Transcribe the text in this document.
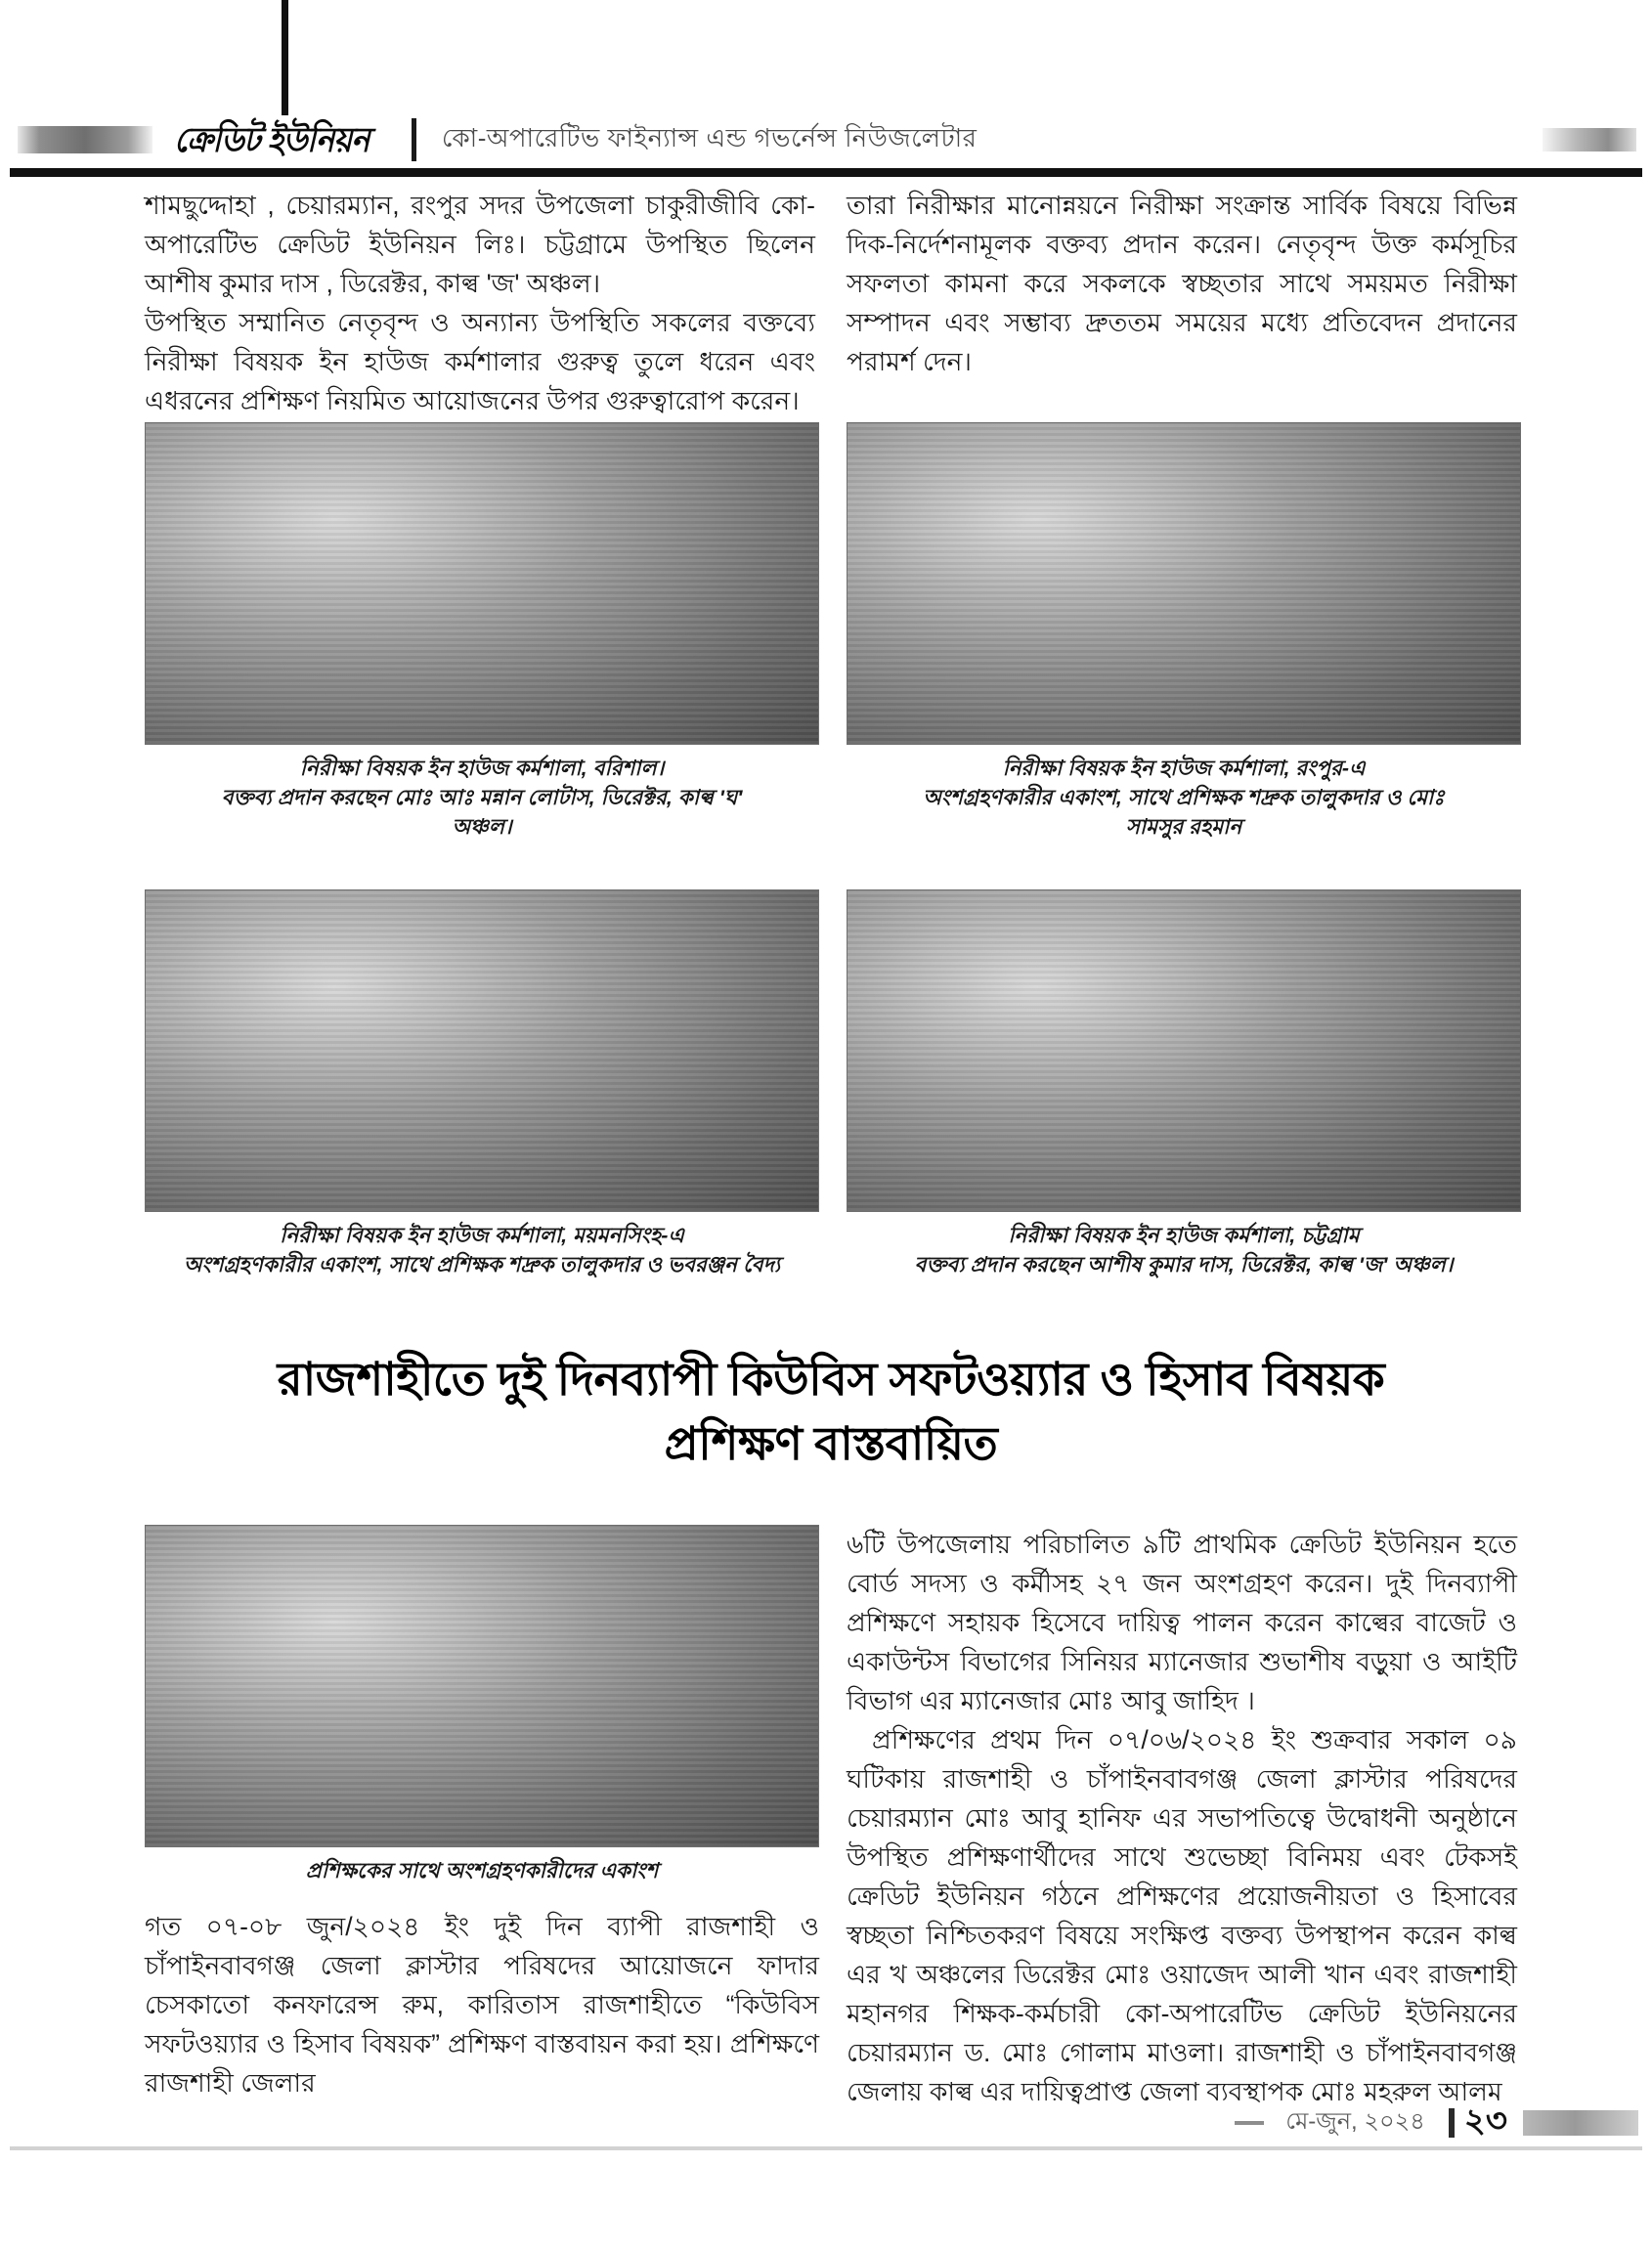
ক্রেডিট ইউনিয়ন	কো-অপারেটিভ ফাইন্যান্স এন্ড গভর্নেন্স নিউজলেটার

শামছুদ্দোহা , চেয়ারম্যান, রংপুর সদর উপজেলা চাকুরীজীবি কো-অপারেটিভ ক্রেডিট ইউনিয়ন লিঃ। চট্টগ্রামে উপস্থিত ছিলেন আশীষ কুমার দাস , ডিরেক্টর, কাল্ব 'জ' অঞ্চল।

উপস্থিত সম্মানিত নেতৃবৃন্দ ও অন্যান্য উপস্থিতি সকলের বক্তব্যে নিরীক্ষা বিষয়ক ইন হাউজ কর্মশালার গুরুত্ব তুলে ধরেন এবং এধরনের প্রশিক্ষণ নিয়মিত আয়োজনের উপর গুরুত্বারোপ করেন।

তারা নিরীক্ষার মানোন্নয়নে নিরীক্ষা সংক্রান্ত সার্বিক বিষয়ে বিভিন্ন দিক-নির্দেশনামূলক বক্তব্য প্রদান করেন। নেতৃবৃন্দ উক্ত কর্মসূচির সফলতা কামনা করে সকলকে স্বচ্ছতার সাথে সময়মত নিরীক্ষা সম্পাদন এবং সম্ভাব্য দ্রুততম সময়ের মধ্যে প্রতিবেদন প্রদানের পরামর্শ দেন।

নিরীক্ষা বিষয়ক ইন হাউজ কর্মশালা, বরিশাল।
বক্তব্য প্রদান করছেন মোঃ আঃ মন্নান লোটাস, ডিরেক্টর, কাল্ব 'ঘ'
অঞ্চল।
নিরীক্ষা বিষয়ক ইন হাউজ কর্মশালা, রংপুর-এ
অংশগ্রহণকারীর একাংশ, সাথে প্রশিক্ষক শদ্রুক তালুকদার ও মোঃ
সামসুর রহমান
নিরীক্ষা বিষয়ক ইন হাউজ কর্মশালা, ময়মনসিংহ-এ
অংশগ্রহণকারীর একাংশ, সাথে প্রশিক্ষক শদ্রুক তালুকদার ও ভবরঞ্জন বৈদ্য
নিরীক্ষা বিষয়ক ইন হাউজ কর্মশালা, চট্টগ্রাম
বক্তব্য প্রদান করছেন আশীষ কুমার দাস, ডিরেক্টর, কাল্ব 'জ' অঞ্চল।
রাজশাহীতে দুই দিনব্যাপী কিউবিস সফটওয়্যার ও হিসাব বিষয়ক
প্রশিক্ষণ বাস্তবায়িত
প্রশিক্ষকের সাথে অংশগ্রহণকারীদের একাংশ

গত ০৭-০৮ জুন/২০২৪ ইং দুই দিন ব্যাপী রাজশাহী ও চাঁপাইনবাবগঞ্জ জেলা ক্লাস্টার পরিষদের আয়োজনে ফাদার চেসকাতো কনফারেন্স রুম, কারিতাস রাজশাহীতে “কিউবিস সফটওয়্যার ও হিসাব বিষয়ক” প্রশিক্ষণ বাস্তবায়ন করা হয়। প্রশিক্ষণে রাজশাহী জেলার

৬টি উপজেলায় পরিচালিত ৯টি প্রাথমিক ক্রেডিট ইউনিয়ন হতে বোর্ড সদস্য ও কর্মীসহ ২৭ জন অংশগ্রহণ করেন। দুই দিনব্যাপী প্রশিক্ষণে সহায়ক হিসেবে দায়িত্ব পালন করেন কাল্বের বাজেট ও একাউন্টস বিভাগের সিনিয়র ম্যানেজার শুভাশীষ বড়ুয়া ও আইটি বিভাগ এর ম্যানেজার মোঃ আবু জাহিদ ।

প্রশিক্ষণের প্রথম দিন ০৭/০৬/২০২৪ ইং শুক্রবার সকাল ০৯ ঘটিকায় রাজশাহী ও চাঁপাইনবাবগঞ্জ জেলা ক্লাস্টার পরিষদের চেয়ারম্যান মোঃ আবু হানিফ এর সভাপতিত্বে উদ্বোধনী অনুষ্ঠানে উপস্থিত প্রশিক্ষণার্থীদের সাথে শুভেচ্ছা বিনিময় এবং টেকসই ক্রেডিট ইউনিয়ন গঠনে প্রশিক্ষণের প্রয়োজনীয়তা ও হিসাবের স্বচ্ছতা নিশ্চিতকরণ বিষয়ে সংক্ষিপ্ত বক্তব্য উপস্থাপন করেন কাল্ব এর খ অঞ্চলের ডিরেক্টর মোঃ ওয়াজেদ আলী খান এবং রাজশাহী মহানগর শিক্ষক-কর্মচারী কো-অপারেটিভ ক্রেডিট ইউনিয়নের চেয়ারম্যান ড. মোঃ গোলাম মাওলা। রাজশাহী ও চাঁপাইনবাবগঞ্জ জেলায় কাল্ব এর দায়িত্বপ্রাপ্ত জেলা ব্যবস্থাপক মোঃ মহরুল আলম

মে-জুন, ২০২৪ ২৩
